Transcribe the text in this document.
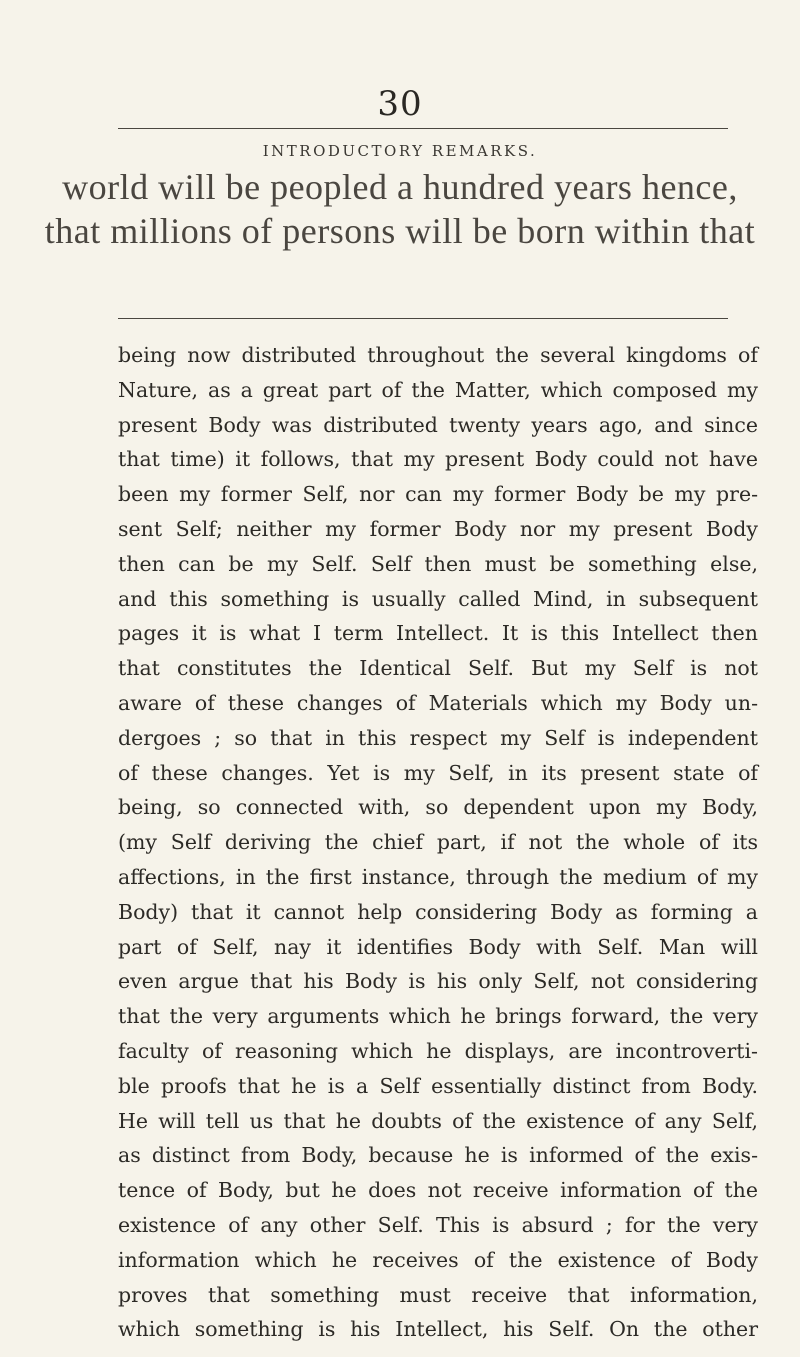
30
INTRODUCTORY REMARKS.
world will be peopled a hundred years hence,
that millions of persons will be born within that
being now distributed throughout the several kingdoms of
Nature, as a great part of the Matter, which composed my
present Body was distributed twenty years ago, and since
that time) it follows, that my present Body could not have
been my former Self, nor can my former Body be my pre-
sent Self; neither my former Body nor my present Body
then can be my Self. Self then must be something else,
and this something is usually called Mind, in subsequent
pages it is what I term Intellect. It is this Intellect then
that constitutes the Identical Self. But my Self is not
aware of these changes of Materials which my Body un-
dergoes ; so that in this respect my Self is independent
of these changes. Yet is my Self, in its present state of
being, so connected with, so dependent upon my Body,
(my Self deriving the chief part, if not the whole of its
affections, in the first instance, through the medium of my
Body) that it cannot help considering Body as forming a
part of Self, nay it identifies Body with Self. Man will
even argue that his Body is his only Self, not considering
that the very arguments which he brings forward, the very
faculty of reasoning which he displays, are incontroverti-
ble proofs that he is a Self essentially distinct from Body.
He will tell us that he doubts of the existence of any Self,
as distinct from Body, because he is informed of the exis-
tence of Body, but he does not receive information of the
existence of any other Self. This is absurd ; for the very
information which he receives of the existence of Body
proves that something must receive that information,
which something is his Intellect, his Self. On the other
